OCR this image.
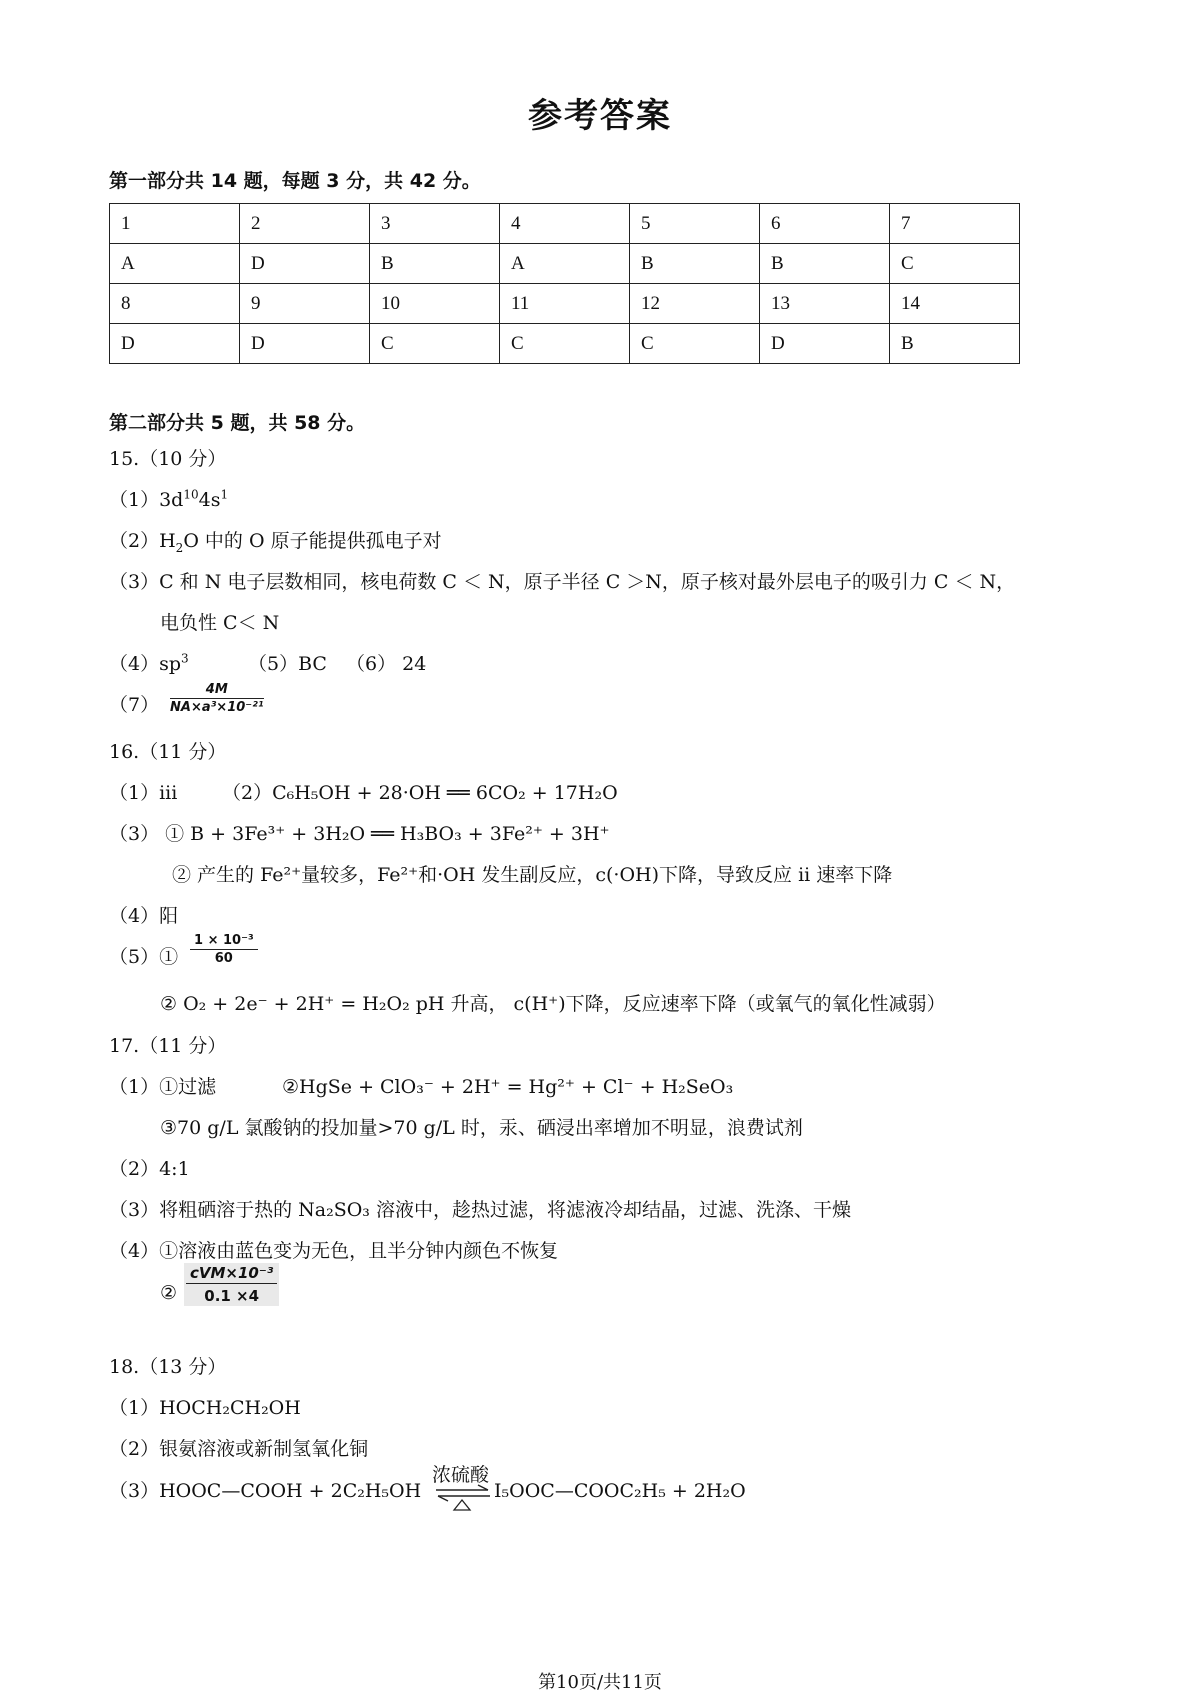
参考答案
第一部分共 14 题，每题 3 分，共 42 分。
1	2	3	4	5	6	7
A	D	B	A	B	B	C
8	9	10	11	12	13	14
D	D	C	C	C	D	B
第二部分共 5 题，共 58 分。
15.（10 分）
$(1)3d^{10}4s^1$
$(2)H_2O$ 中的 O 原子能提供孤电子对
（3）C 和 N 电子层数相同，核电荷数 C ＜ N，原子半径 C ＞N，原子核对最外层电子的吸引力 C ＜ N，
电负性 C＜ N
$(4)sp^3$	（5）BC （6） 24
$(7) \frac{4M}{\text{NA×a³×10⁻²¹}}$
16.（11 分）
（1）iii （2）C₆H₅OH + 28·OH ══ 6CO₂ + 17H₂O
（3） ① B + 3Fe³⁺ + 3H₂O ══ H₃BO₃ + 3Fe²⁺ + 3H⁺
② 产生的 Fe²⁺量较多，Fe²⁺和·OH 发生副反应，c(·OH)下降，导致反应 ii 速率下降
（4）阳
（5）① $\frac{\text{1 × 10⁻³}}{60}$
② O₂ + 2e⁻ + 2H⁺ = H₂O₂ pH 升高， c(H⁺)下降，反应速率下降（或氧气的氧化性减弱）
17.（11 分）
（1）①过滤	②HgSe + ClO₃⁻ + 2H⁺ = Hg²⁺ + Cl⁻ + H₂SeO₃
③70 g/L 氯酸钠的投加量>70 g/L 时，汞、硒浸出率增加不明显，浪费试剂
（2）4:1
（3）将粗硒溶于热的 Na₂SO₃ 溶液中，趁热过滤，将滤液冷却结晶，过滤、洗涤、干燥
（4）①溶液由蓝色变为无色，且半分钟内颜色不恢复
② $\frac{\text{cVM×10⁻³}}{0.1 \times 4}$
18.（13 分）
（1）HOCH₂CH₂OH
（2）银氨溶液或新制氢氧化铜
浓硫酸
（3）HOOC—COOH + 2C₂H₅OH ⇌ I₅OOC—COOC₂H₅ + 2H₂O
第10页/共11页
